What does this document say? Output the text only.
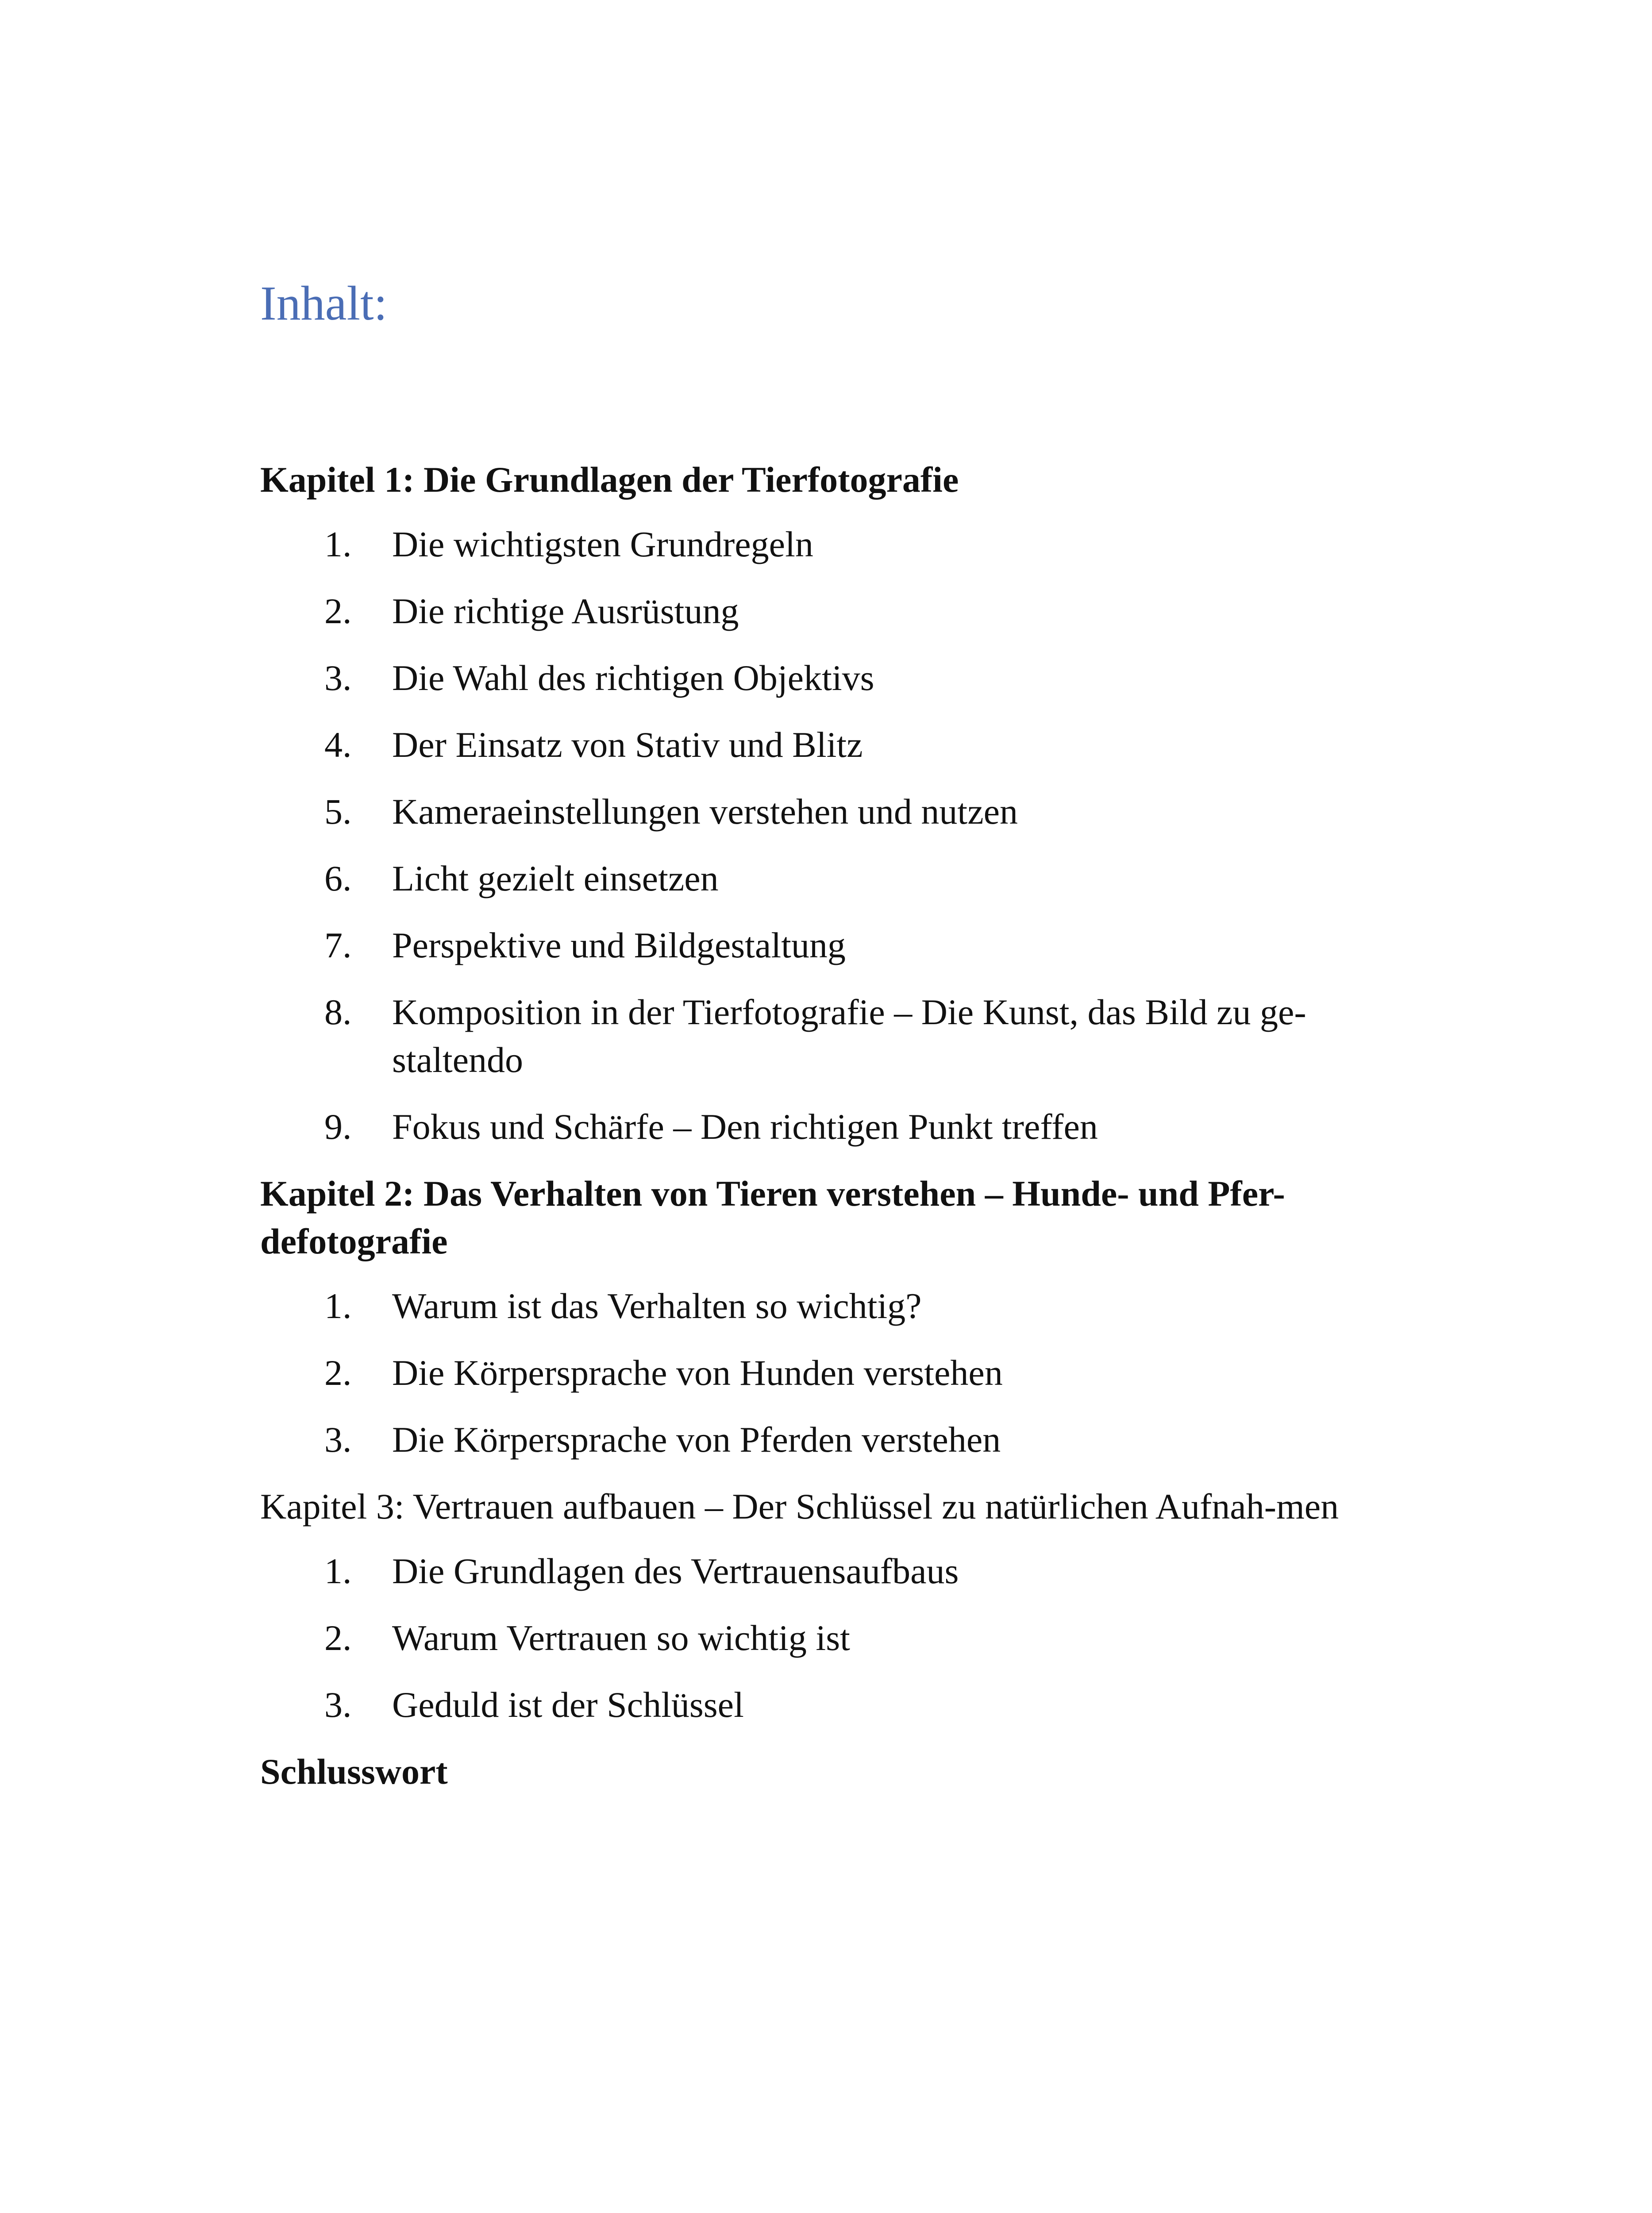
Inhalt:
Kapitel 1: Die Grundlagen der Tierfotografie
1. Die wichtigsten Grundregeln
2. Die richtige Ausrüstung
3. Die Wahl des richtigen Objektivs
4. Der Einsatz von Stativ und Blitz
5. Kameraeinstellungen verstehen und nutzen
6. Licht gezielt einsetzen
7. Perspektive und Bildgestaltung
8. Komposition in der Tierfotografie – Die Kunst, das Bild zu ge-staltendo
9. Fokus und Schärfe – Den richtigen Punkt treffen
Kapitel 2: Das Verhalten von Tieren verstehen – Hunde- und Pfer-defotografie
1. Warum ist das Verhalten so wichtig?
2. Die Körpersprache von Hunden verstehen
3. Die Körpersprache von Pferden verstehen
Kapitel 3: Vertrauen aufbauen – Der Schlüssel zu natürlichen Aufnah-men
1. Die Grundlagen des Vertrauensaufbaus
2. Warum Vertrauen so wichtig ist
3. Geduld ist der Schlüssel
Schlusswort
